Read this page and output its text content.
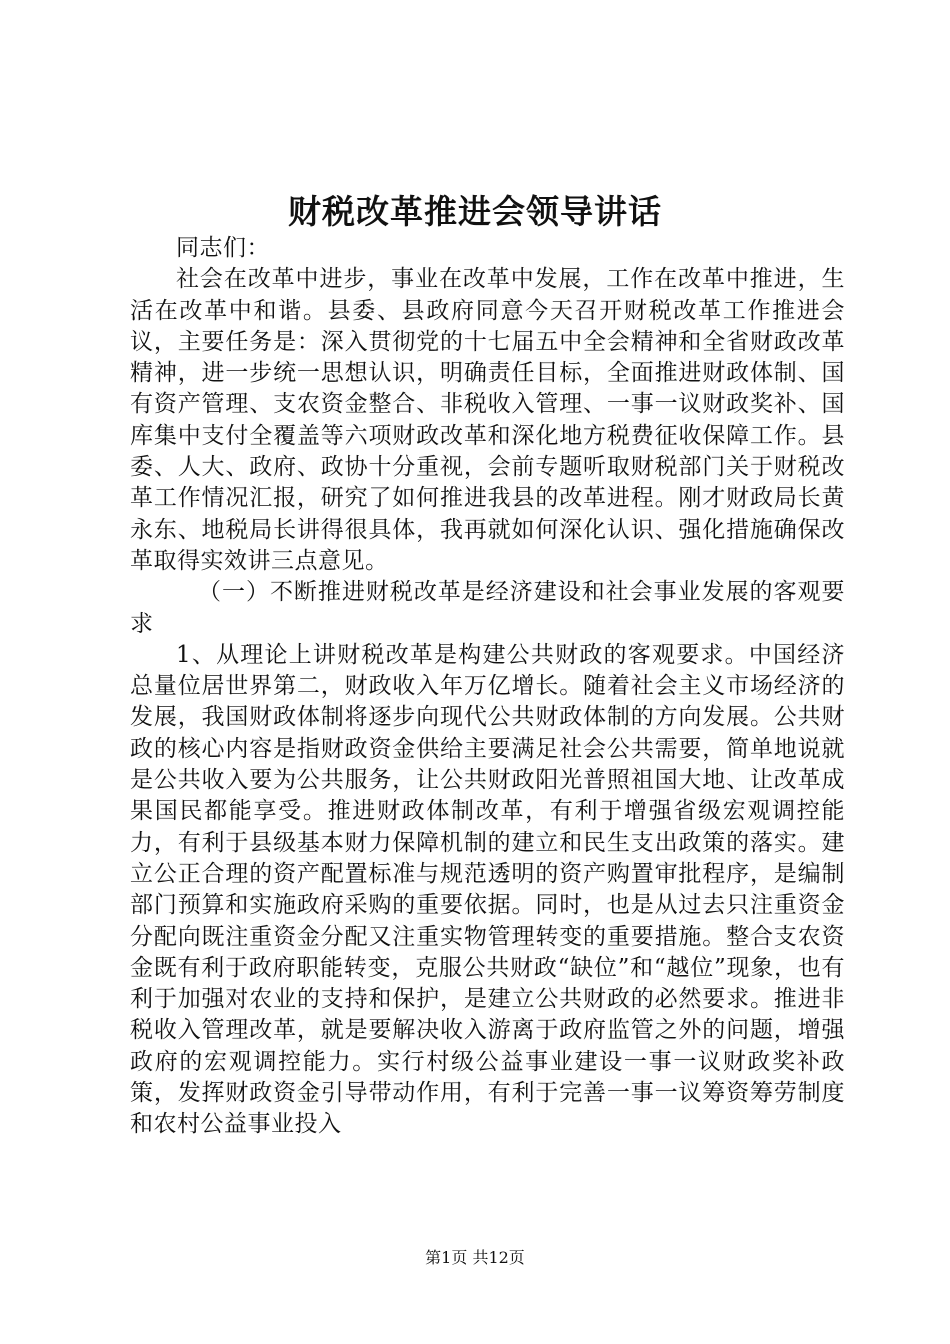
财税改革推进会领导讲话

同志们：

社会在改革中进步，事业在改革中发展，工作在改革中推进，生活在改革中和谐。县委、县政府同意今天召开财税改革工作推进会议，主要任务是：深入贯彻党的十七届五中全会精神和全省财政改革精神，进一步统一思想认识，明确责任目标，全面推进财政体制、国有资产管理、支农资金整合、非税收入管理、一事一议财政奖补、国库集中支付全覆盖等六项财政改革和深化地方税费征收保障工作。县委、人大、政府、政协十分重视，会前专题听取财税部门关于财税改革工作情况汇报，研究了如何推进我县的改革进程。刚才财政局长黄永东、地税局长讲得很具体，我再就如何深化认识、强化措施确保改革取得实效讲三点意见。

（一）不断推进财税改革是经济建设和社会事业发展的客观要求

1、从理论上讲财税改革是构建公共财政的客观要求。中国经济总量位居世界第二，财政收入年万亿增长。随着社会主义市场经济的发展，我国财政体制将逐步向现代公共财政体制的方向发展。公共财政的核心内容是指财政资金供给主要满足社会公共需要，简单地说就是公共收入要为公共服务，让公共财政阳光普照祖国大地、让改革成果国民都能享受。推进财政体制改革，有利于增强省级宏观调控能力，有利于县级基本财力保障机制的建立和民生支出政策的落实。建立公正合理的资产配置标准与规范透明的资产购置审批程序，是编制部门预算和实施政府采购的重要依据。同时，也是从过去只注重资金分配向既注重资金分配又注重实物管理转变的重要措施。整合支农资金既有利于政府职能转变，克服公共财政“缺位”和“越位”现象，也有利于加强对农业的支持和保护，是建立公共财政的必然要求。推进非税收入管理改革，就是要解决收入游离于政府监管之外的问题，增强政府的宏观调控能力。实行村级公益事业建设一事一议财政奖补政策，发挥财政资金引导带动作用，有利于完善一事一议筹资筹劳制度和农村公益事业投入

第1页 共12页
